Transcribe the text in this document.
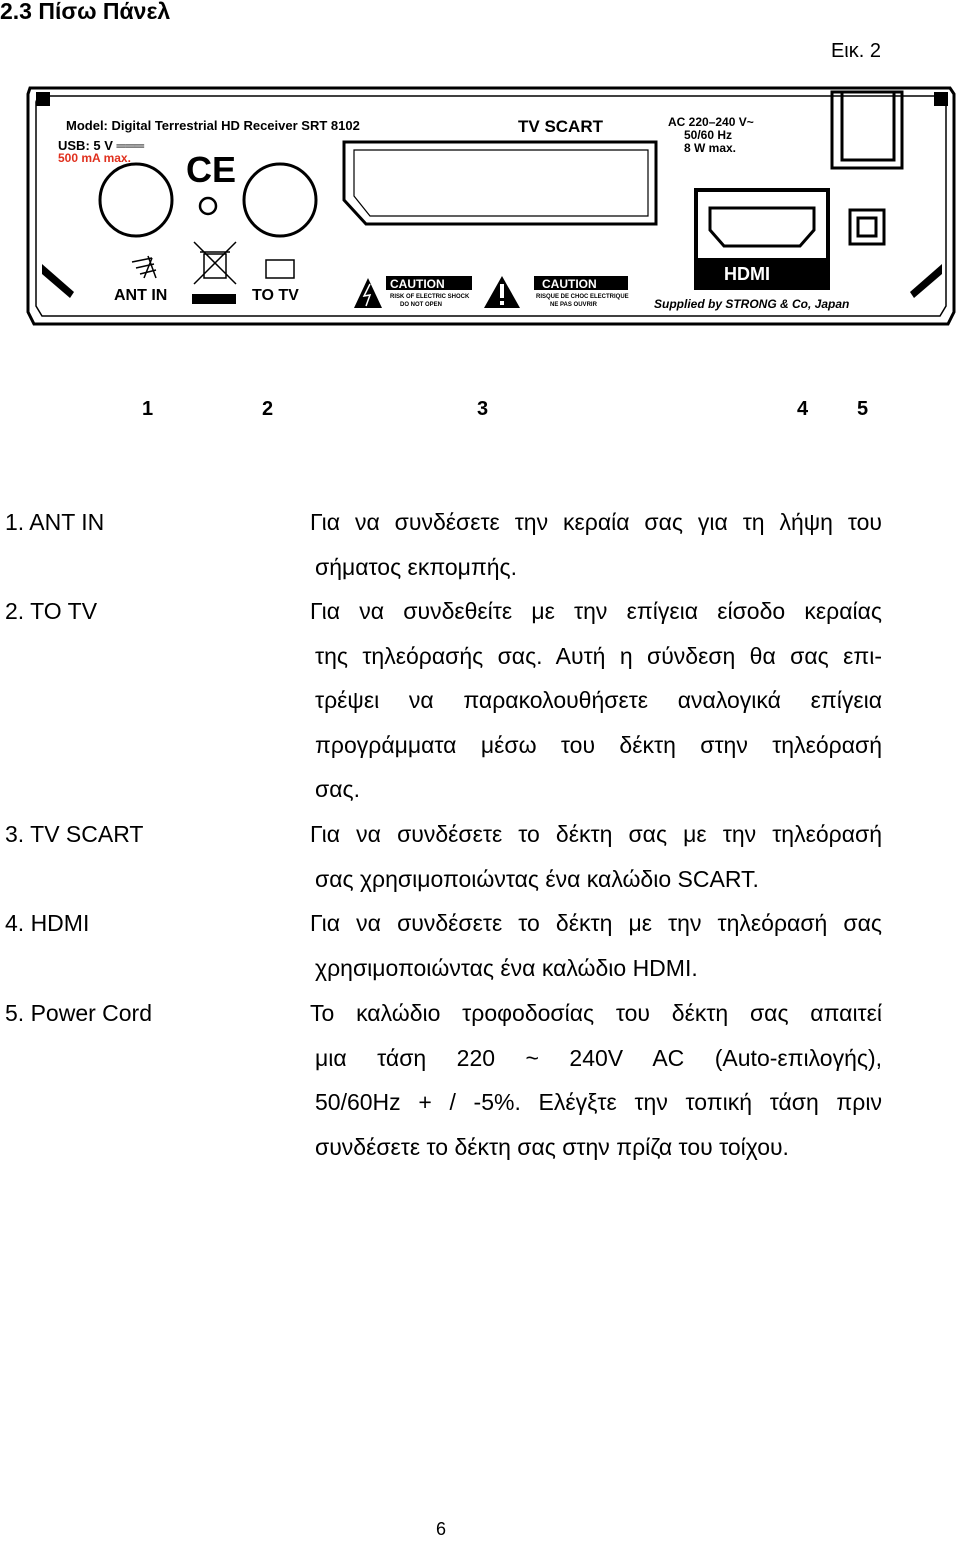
2.3 Πίσω Πάνελ
Εικ. 2
Model: Digital Terrestrial HD Receiver SRT 8102
USB: 5 V ═══
500 mA max. CE
ANT IN	TO TV
TV SCART
CAUTION
RISK OF ELECTRIC SHOCK
DO NOT OPEN
CAUTION
RISQUE DE CHOC ELECTRIQUE
NE PAS OUVRIR
AC 220–240 V~
50/60 Hz
8 W max.
HDMI
Supplied by STRONG & Co, Japan
1	2	3	4 5
1. ANT IN	Για να συνδέσετε την κεραία σας για τη λήψη του
σήματος εκπομπής.
2. TO TV	Για να συνδεθείτε με την επίγεια είσοδο κεραίας
της τηλεόρασής σας. Αυτή η σύνδεση θα σας επι-
τρέψει να παρακολουθήσετε αναλογικά επίγεια
προγράμματα μέσω του δέκτη στην τηλεόρασή
σας.
3. TV SCART	Για να συνδέσετε το δέκτη σας με την τηλεόρασή
σας χρησιμοποιώντας ένα καλώδιο SCART.
4. HDMI	Για να συνδέσετε το δέκτη με την τηλεόρασή σας
χρησιμοποιώντας ένα καλώδιο HDMI.
5. Power Cord	Το καλώδιο τροφοδοσίας του δέκτη σας απαιτεί
μια τάση 220 ~ 240V AC (Auto-επιλογής),
50/60Hz + / -5%. Ελέγξτε την τοπική τάση πριν
συνδέσετε το δέκτη σας στην πρίζα του τοίχου.
6
